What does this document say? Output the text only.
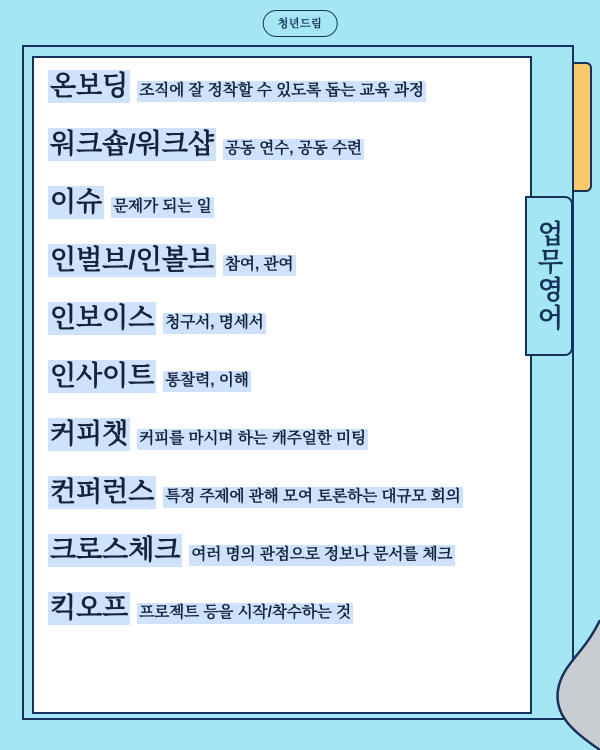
청년드림
업무영어
온보딩 조직에 잘 정착할 수 있도록 돕는 교육 과정
워크숍/워크샵 공동 연수, 공동 수련
이슈 문제가 되는 일
인벌브/인볼브 참여, 관여
인보이스 청구서, 명세서
인사이트 통찰력, 이해
커피챗 커피를 마시며 하는 캐주얼한 미팅
컨퍼런스 특정 주제에 관해 모여 토론하는 대규모 회의
크로스체크 여러 명의 관점으로 정보나 문서를 체크
킥오프 프로젝트 등을 시작/착수하는 것
